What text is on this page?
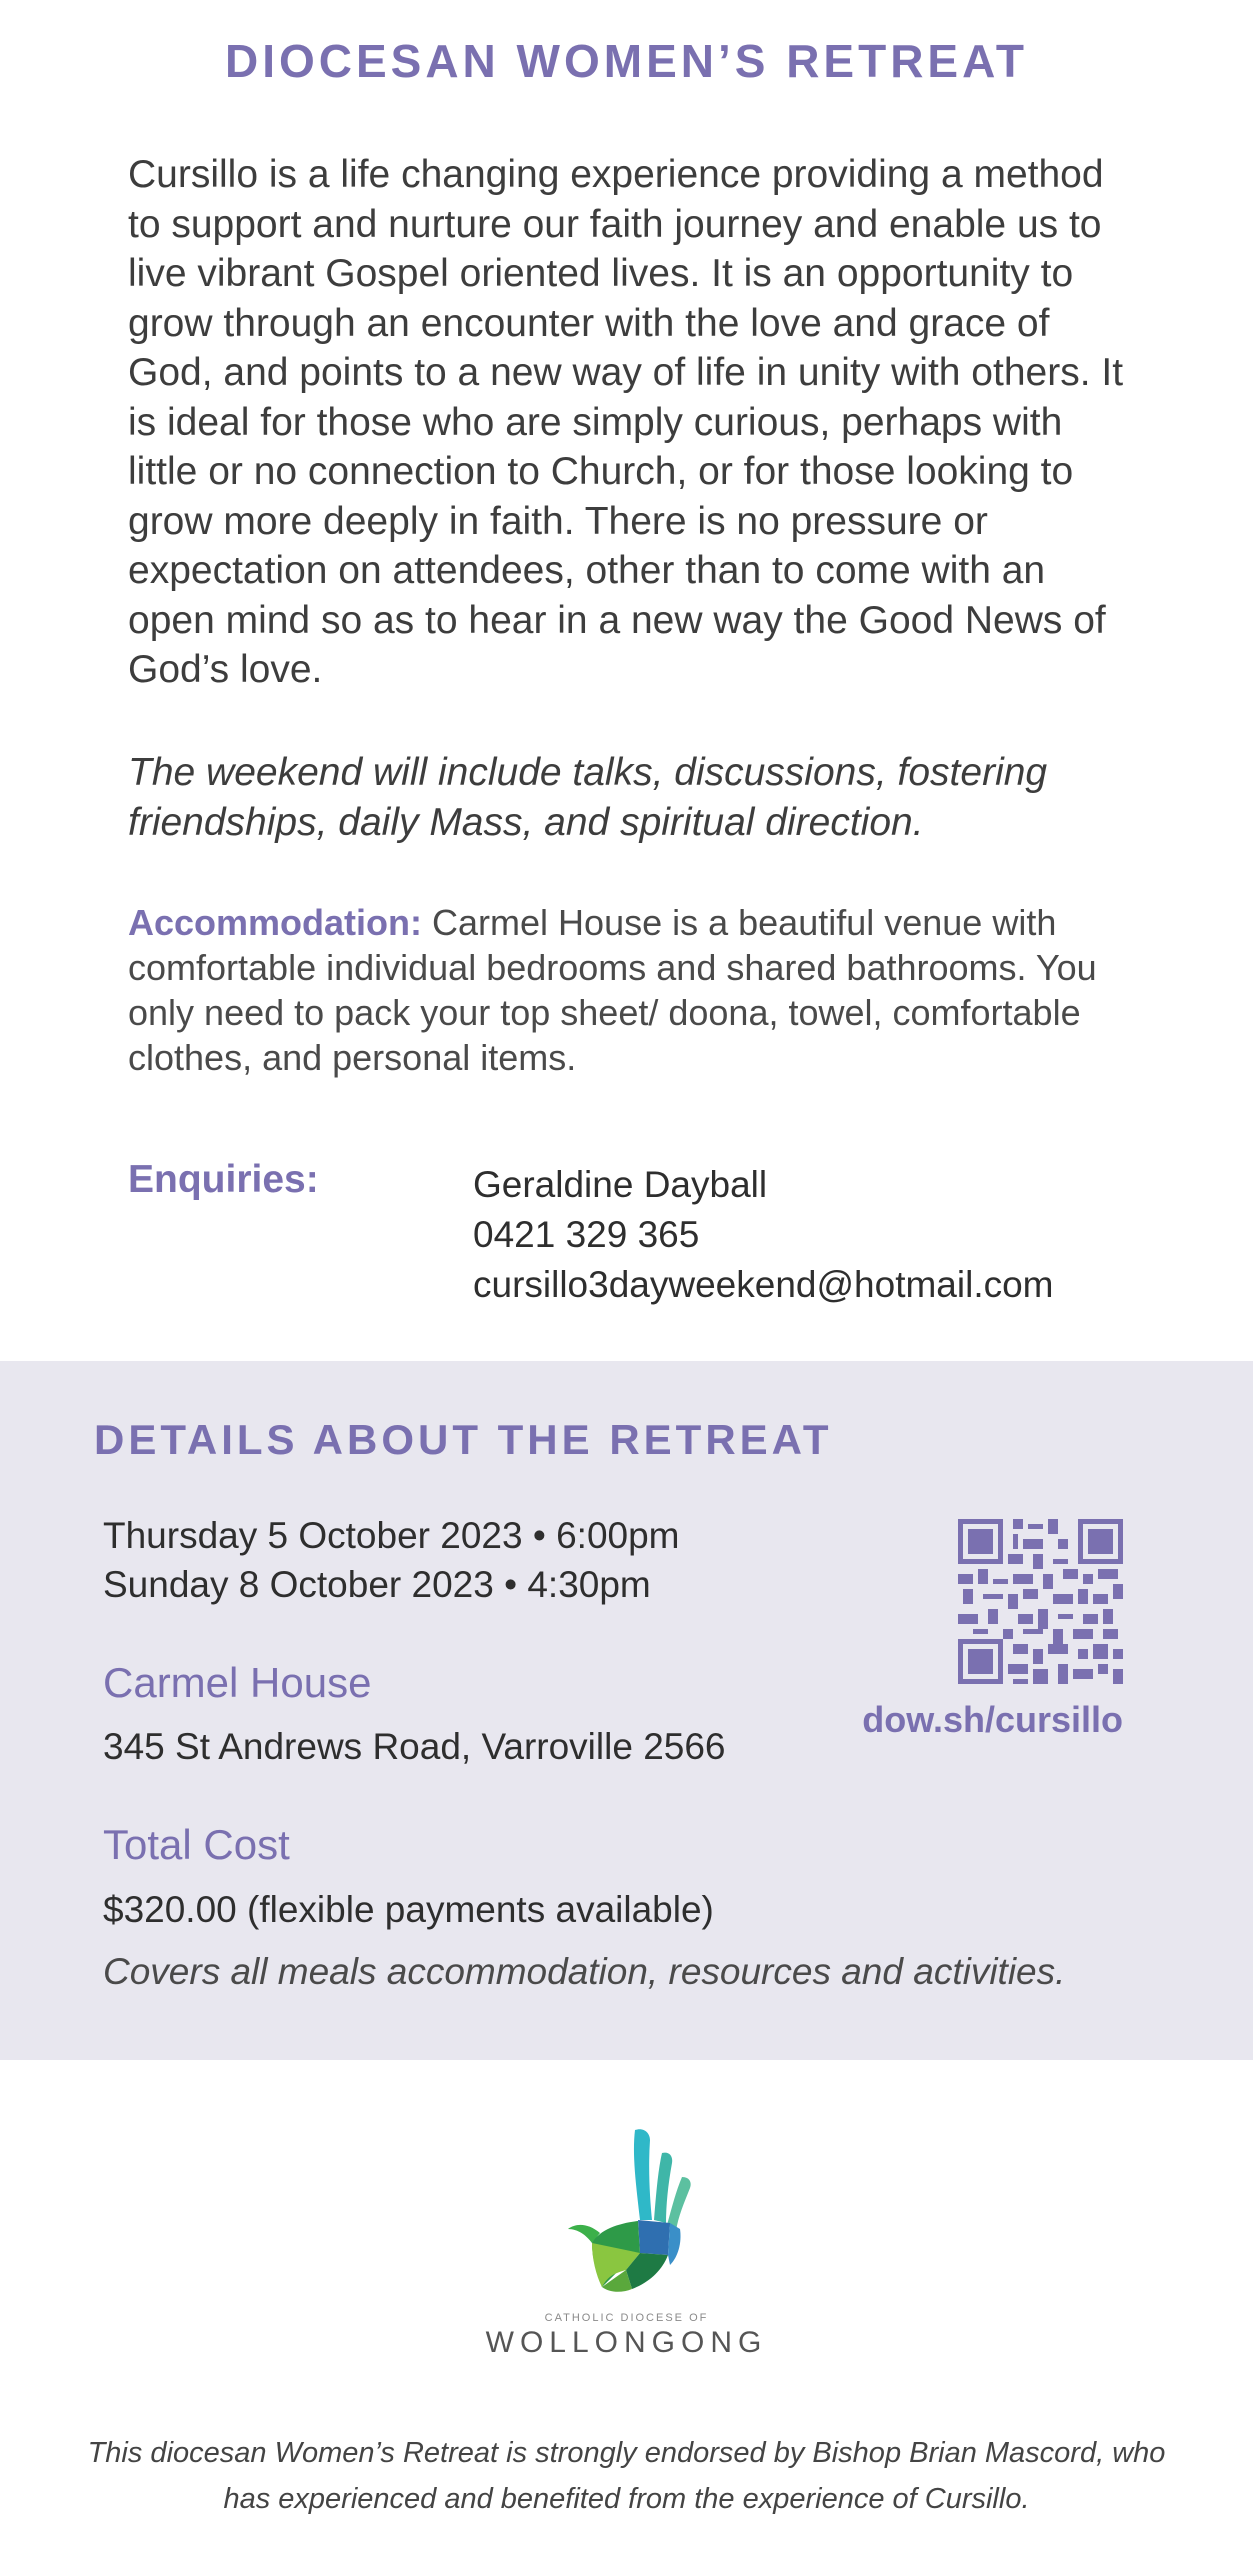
DIOCESAN WOMEN’S RETREAT

Cursillo is a life changing experience providing a method to support and nurture our faith journey and enable us to live vibrant Gospel oriented lives. It is an opportunity to grow through an encounter with the love and grace of God, and points to a new way of life in unity with others. It is ideal for those who are simply curious, perhaps with little or no connection to Church, or for those looking to grow more deeply in faith. There is no pressure or expectation on attendees, other than to come with an open mind so as to hear in a new way the Good News of God’s love.

The weekend will include talks, discussions, fostering friendships, daily Mass, and spiritual direction.

Accommodation: Carmel House is a beautiful venue with comfortable individual bedrooms and shared bathrooms. You only need to pack your top sheet/ doona, towel, comfortable clothes, and personal items.

Enquiries:	Geraldine Dayball
0421 329 365
cursillo3dayweekend@hotmail.com
DETAILS ABOUT THE RETREAT
Thursday 5 October 2023 • 6:00pm
Sunday 8 October 2023 • 4:30pm
Carmel House
345 St Andrews Road, Varroville 2566
Total Cost
$320.00 (flexible payments available)
Covers all meals accommodation, resources and activities.
dow.sh/cursillo
CATHOLIC DIOCESE OF
WOLLONGONG

This diocesan Women’s Retreat is strongly endorsed by Bishop Brian Mascord, who has experienced and benefited from the experience of Cursillo.
